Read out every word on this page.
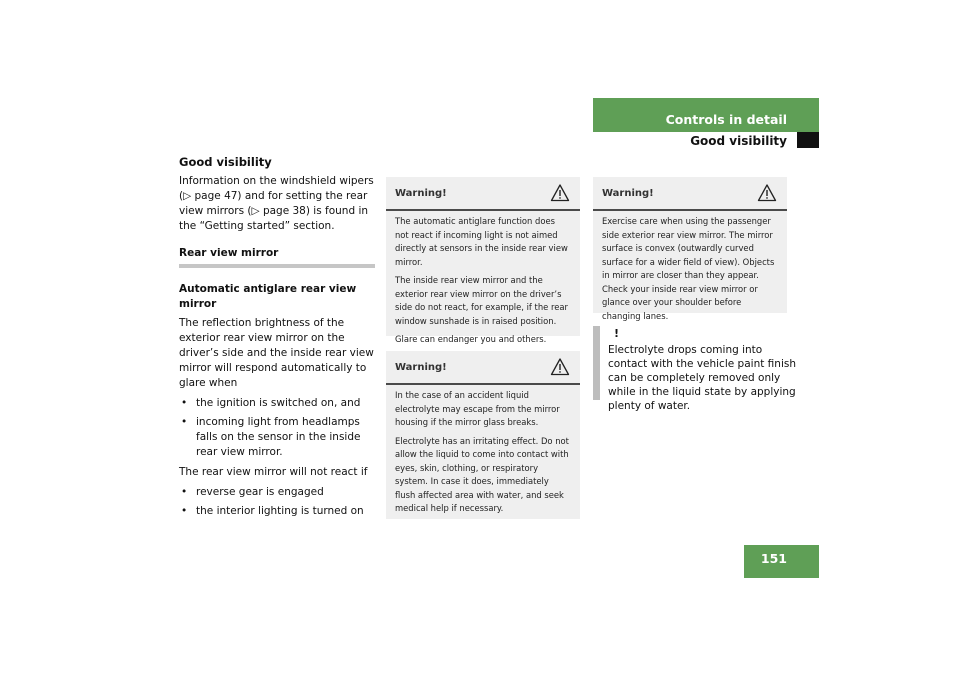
Controls in detail
Good visibility
Good visibility

Information on the windshield wipers (▷ page 47) and for setting the rear view mirrors (▷ page 38) is found in the “Getting started” section.

Rear view mirror
Automatic antiglare rear view mirror

The reflection brightness of the exterior rear view mirror on the driver’s side and the inside rear view mirror will respond automatically to glare when

• the ignition is switched on, and
• incoming light from headlamps falls on the sensor in the inside rear view mirror.

The rear view mirror will not react if

• reverse gear is engaged
• the interior lighting is turned on
Warning!

The automatic antiglare function does not react if incoming light is not aimed directly at sensors in the inside rear view mirror.

The inside rear view mirror and the exterior rear view mirror on the driver’s side do not react, for example, if the rear window sunshade is in raised position.

Glare can endanger you and others.

Warning!

In the case of an accident liquid electrolyte may escape from the mirror housing if the mirror glass breaks.

Electrolyte has an irritating effect. Do not allow the liquid to come into contact with eyes, skin, clothing, or respiratory system. In case it does, immediately flush affected area with water, and seek medical help if necessary.

Warning!

Exercise care when using the passenger side exterior rear view mirror. The mirror surface is convex (outwardly curved surface for a wider field of view). Objects in mirror are closer than they appear. Check your inside rear view mirror or glance over your shoulder before changing lanes.

!
Electrolyte drops coming into contact with the vehicle paint finish can be completely removed only while in the liquid state by applying plenty of water.
151
